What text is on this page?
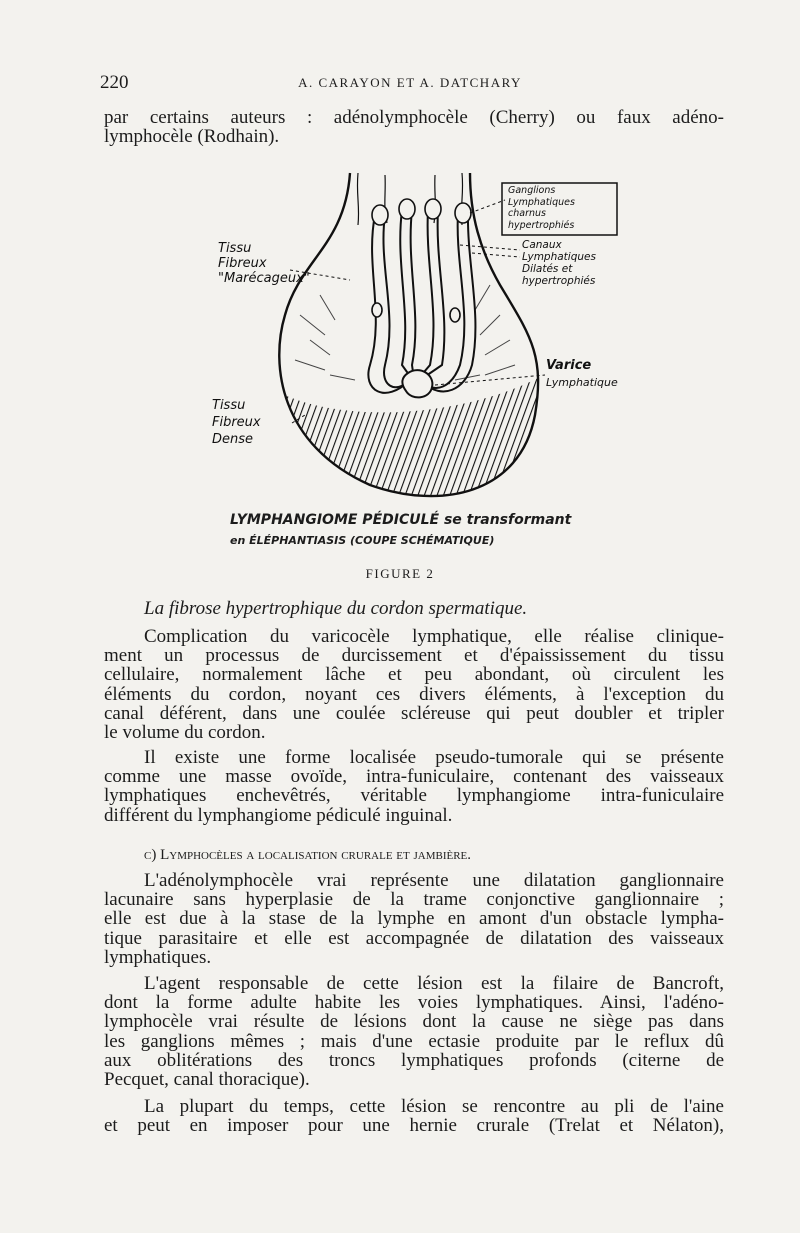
220	A. CARAYON ET A. DATCHARY
par certains auteurs : adénolymphocèle (Cherry) ou faux adéno-
lymphocèle (Rodhain).
Tissu
Fibreux
"Marécageux"
Tissu
Fibreux
Dense
Ganglions
Lymphatiques
charnus
hypertrophiés
Canaux
Lymphatiques
Dilatés et
hypertrophiés
Varice
Lymphatique
LYMPHANGIOME PÉDICULÉ se transformant
en ÉLÉPHANTIASIS (COUPE SCHÉMATIQUE)
FIGURE 2
La fibrose hypertrophique du cordon spermatique.
Complication du varicocèle lymphatique, elle réalise clinique-
ment un processus de durcissement et d'épaississement du tissu
cellulaire, normalement lâche et peu abondant, où circulent les
éléments du cordon, noyant ces divers éléments, à l'exception du
canal déférent, dans une coulée scléreuse qui peut doubler et tripler
le volume du cordon.
Il existe une forme localisée pseudo-tumorale qui se présente
comme une masse ovoïde, intra-funiculaire, contenant des vaisseaux
lymphatiques enchevêtrés, véritable lymphangiome intra-funiculaire
différent du lymphangiome pédiculé inguinal.
c) Lymphocèles a localisation crurale et jambière.
L'adénolymphocèle vrai représente une dilatation ganglionnaire
lacunaire sans hyperplasie de la trame conjonctive ganglionnaire ;
elle est due à la stase de la lymphe en amont d'un obstacle lympha-
tique parasitaire et elle est accompagnée de dilatation des vaisseaux
lymphatiques.
L'agent responsable de cette lésion est la filaire de Bancroft,
dont la forme adulte habite les voies lymphatiques. Ainsi, l'adéno-
lymphocèle vrai résulte de lésions dont la cause ne siège pas dans
les ganglions mêmes ; mais d'une ectasie produite par le reflux dû
aux oblitérations des troncs lymphatiques profonds (citerne de
Pecquet, canal thoracique).
La plupart du temps, cette lésion se rencontre au pli de l'aine
et peut en imposer pour une hernie crurale (Trelat et Nélaton),
